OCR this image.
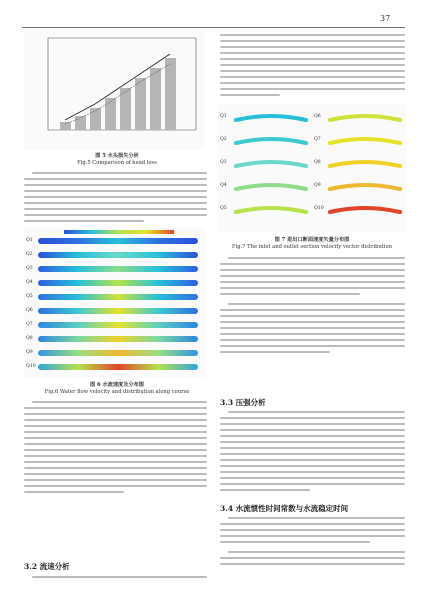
37
图 5 水头损失分析
Fig.5 Comparison of head loss
Q1
Q2
Q3
Q4
Q5
Q6
Q7
Q8
Q9
Q10
图 6 水流速度及分布图
Fig.6 Water flow velocity and distribution along course
3.2 流速分析
Q1
Q2
Q3
Q4
Q5
Q6
Q7
Q8
Q9
Q10
图 7 进出口断面速度矢量分布图
Fig.7 The inlet and outlet section velocity vector distribution
3.3 压强分析
3.4 水流惯性时间常数与水流稳定时间
